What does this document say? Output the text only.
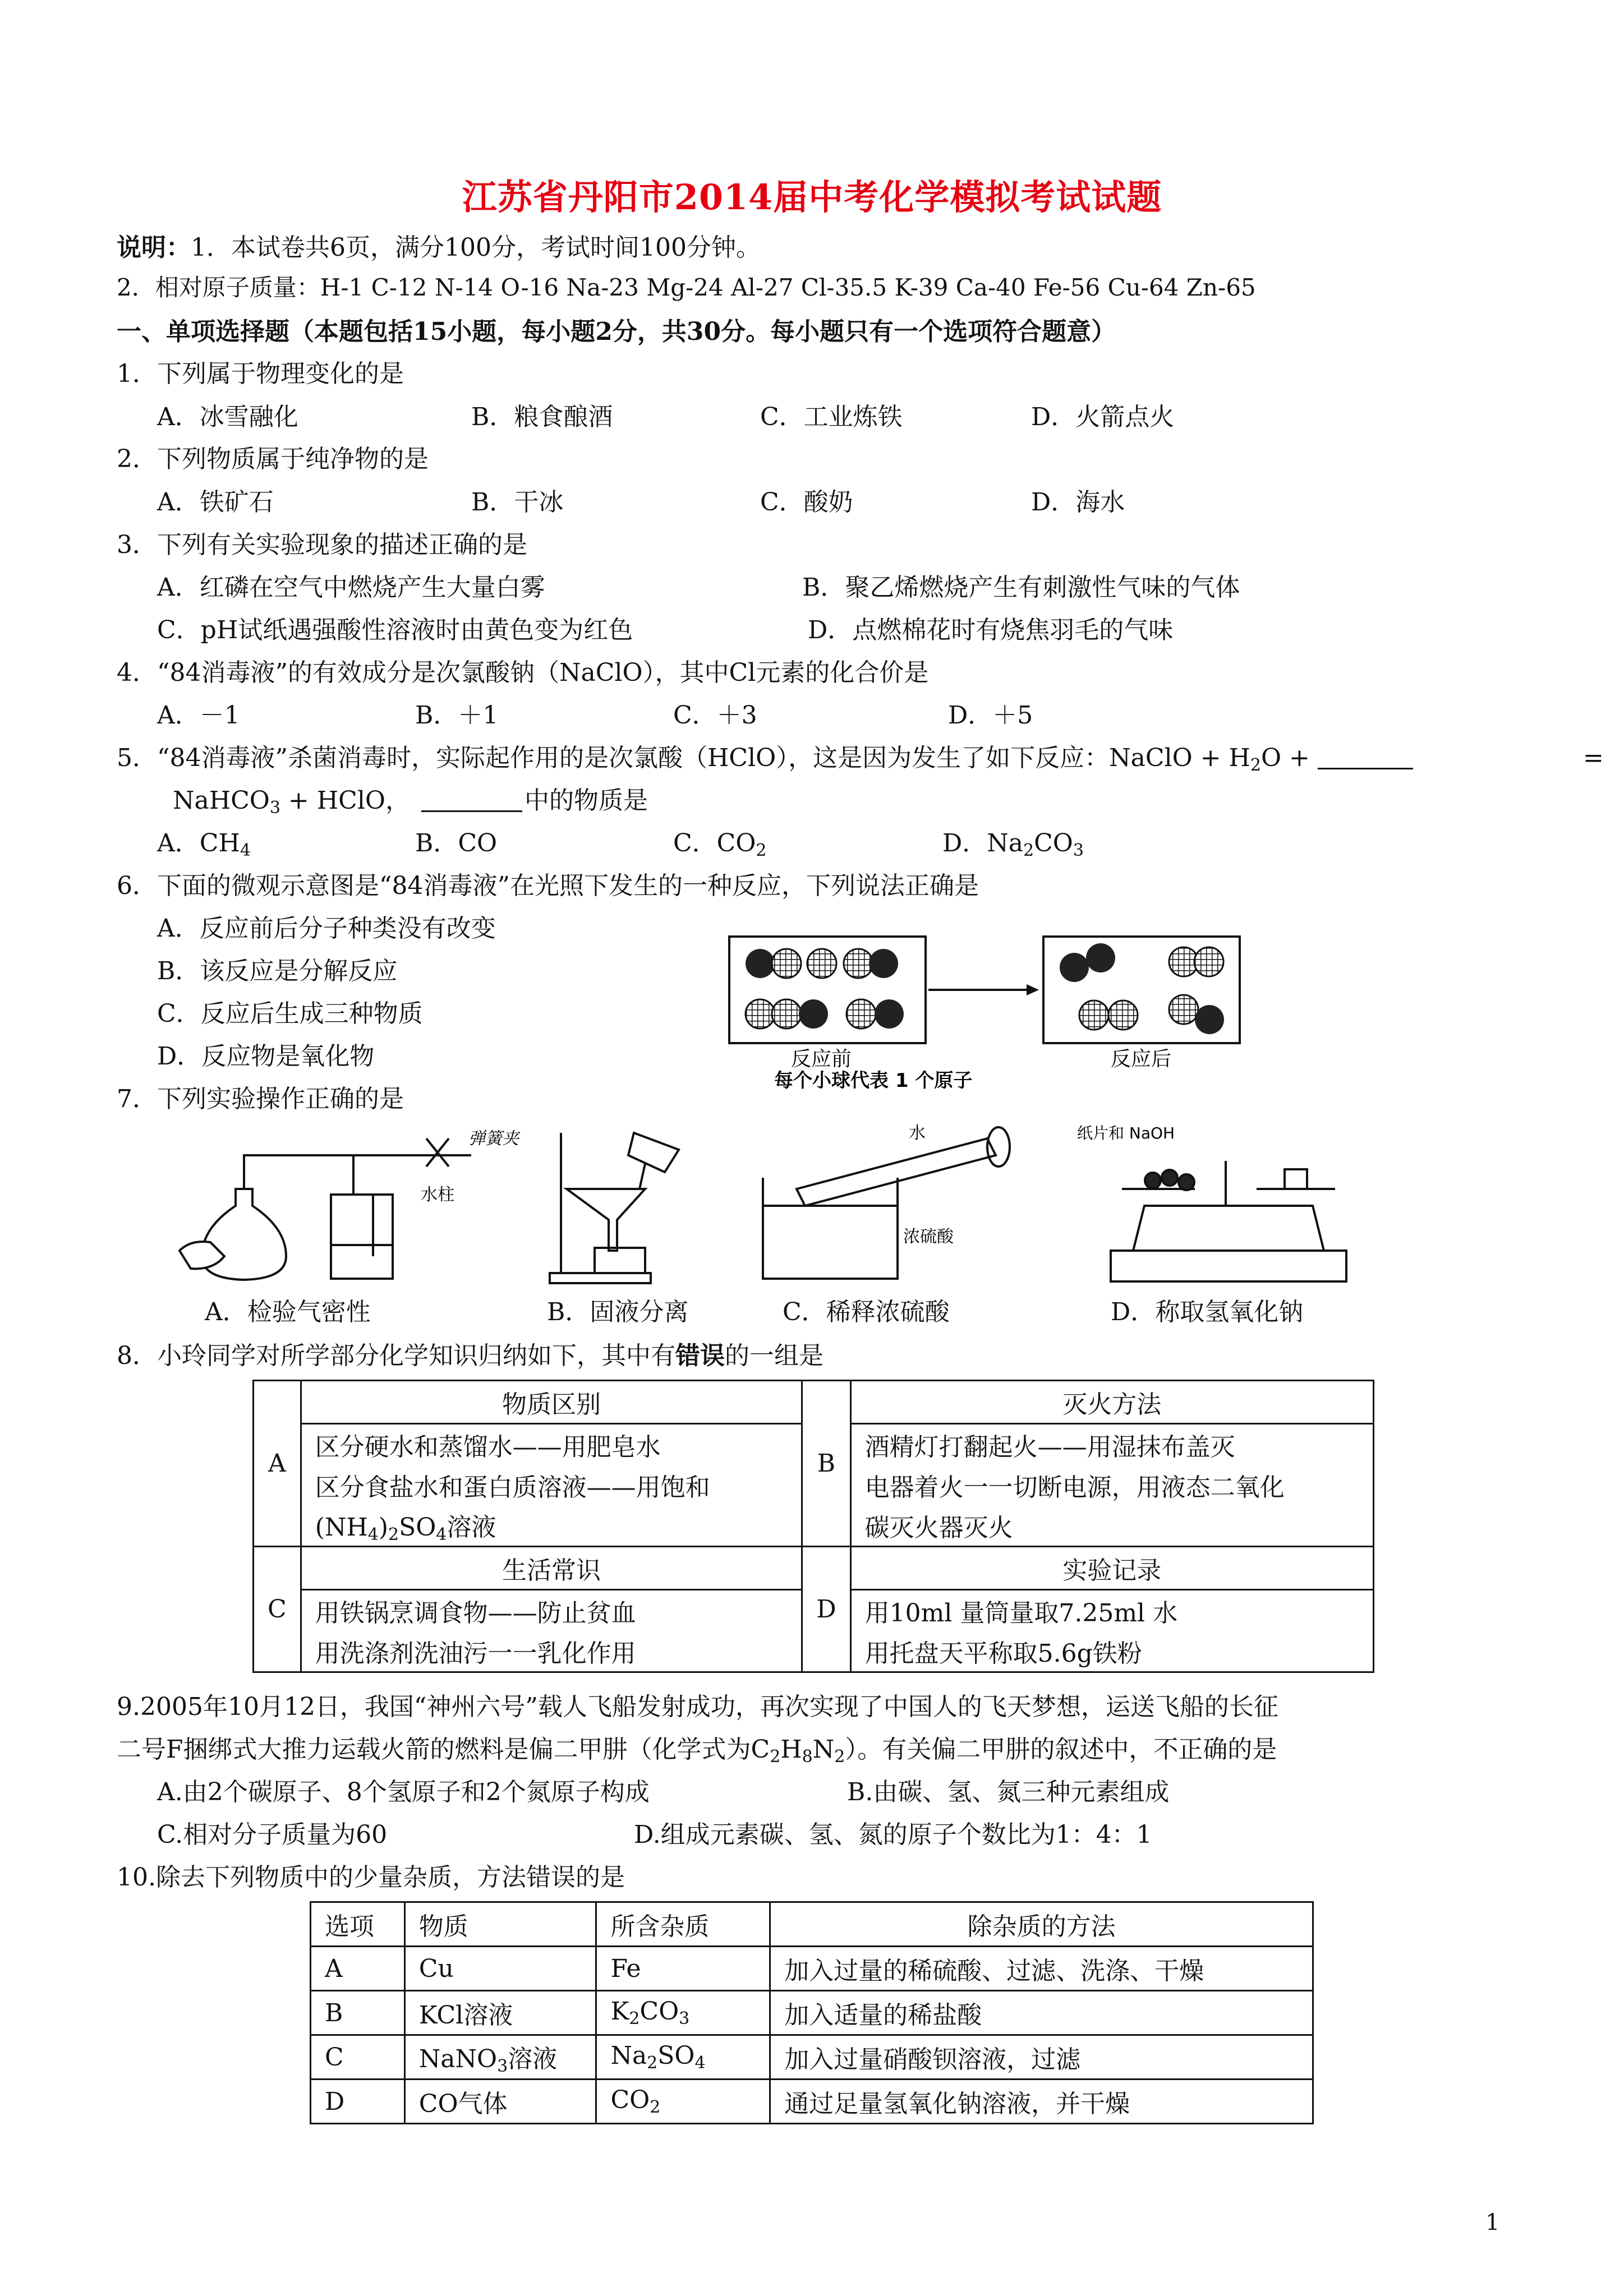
江苏省丹阳市2014届中考化学模拟考试试题
说明：1．本试卷共6页，满分100分，考试时间100分钟。
2．相对原子质量：H-1 C-12 N-14 O-16 Na-23 Mg-24 Al-27 Cl-35.5 K-39 Ca-40 Fe-56 Cu-64 Zn-65
一、单项选择题（本题包括15小题，每小题2分，共30分。每小题只有一个选项符合题意）
1．下列属于物理变化的是
A．冰雪融化	B．粮食酿酒	C．工业炼铁	D．火箭点火
2．下列物质属于纯净物的是
A．铁矿石	B．干冰	C．酸奶	D．海水
3．下列有关实验现象的描述正确的是
A．红磷在空气中燃烧产生大量白雾	B．聚乙烯燃烧产生有刺激性气味的气体
C．pH试纸遇强酸性溶液时由黄色变为红色	D．点燃棉花时有烧焦羽毛的气味
4．“84消毒液”的有效成分是次氯酸钠（NaClO），其中Cl元素的化合价是
A．－1	B．＋1	C．＋3	D．＋5
5．“84消毒液”杀菌消毒时，实际起作用的是次氯酸（HClO），这是因为发生了如下反应：NaClO + $H_2O$ +	=
NaHCO$_3$ + HClO，	中的物质是
A．$CH_4$	B．CO	C．$CO_2$	D．$Na_2CO_3$
6．下面的微观示意图是“84消毒液”在光照下发生的一种反应，下列说法正确是
A．反应前后分子种类没有改变
B．该反应是分解反应
C．反应后生成三种物质
D．反应物是氧化物	反应前	反应后
每个小球代表 1 个原子
7．下列实验操作正确的是
弹簧夹
水柱
水
浓硫酸
纸片和 NaOH
A．检验气密性	B．固液分离	C．稀释浓硫酸	D．称取氢氧化钠
8．小玲同学对所学部分化学知识归纳如下，其中有错误的一组是
A	物质区别	B	灭火方法
	区分硬水和蒸馏水——用肥皂水		酒精灯打翻起火——用湿抹布盖灭
	区分食盐水和蛋白质溶液——用饱和		电器着火一一切断电源，用液态二氧化
	$(NH_4)_2SO_4$溶液		碳灭火器灭火
C	生活常识	D	实验记录
	用铁锅烹调食物——防止贫血		用10ml 量筒量取7.25ml 水
	用洗涤剂洗油污一一乳化作用		用托盘天平称取5.6g铁粉
9.2005年10月12日，我国“神州六号”载人飞船发射成功，再次实现了中国人的飞天梦想，运送飞船的长征
二号F捆绑式大推力运载火箭的燃料是偏二甲肼（化学式为$C_2H_8N_2$）。有关偏二甲肼的叙述中，不正确的是
A.由2个碳原子、8个氢原子和2个氮原子构成	B.由碳、氢、氮三种元素组成
C.相对分子质量为60	D.组成元素碳、氢、氮的原子个数比为1：4：1
10.除去下列物质中的少量杂质，方法错误的是
选项	物质	所含杂质	除杂质的方法
A	Cu	Fe	加入过量的稀硫酸、过滤、洗涤、干燥
B	KCl溶液	$K_2CO_3$	加入适量的稀盐酸
C	NaNO$_3$溶液	$Na_2SO_4$	加入过量硝酸钡溶液，过滤
D	CO气体	$CO_2$	通过足量氢氧化钠溶液，并干燥
1
